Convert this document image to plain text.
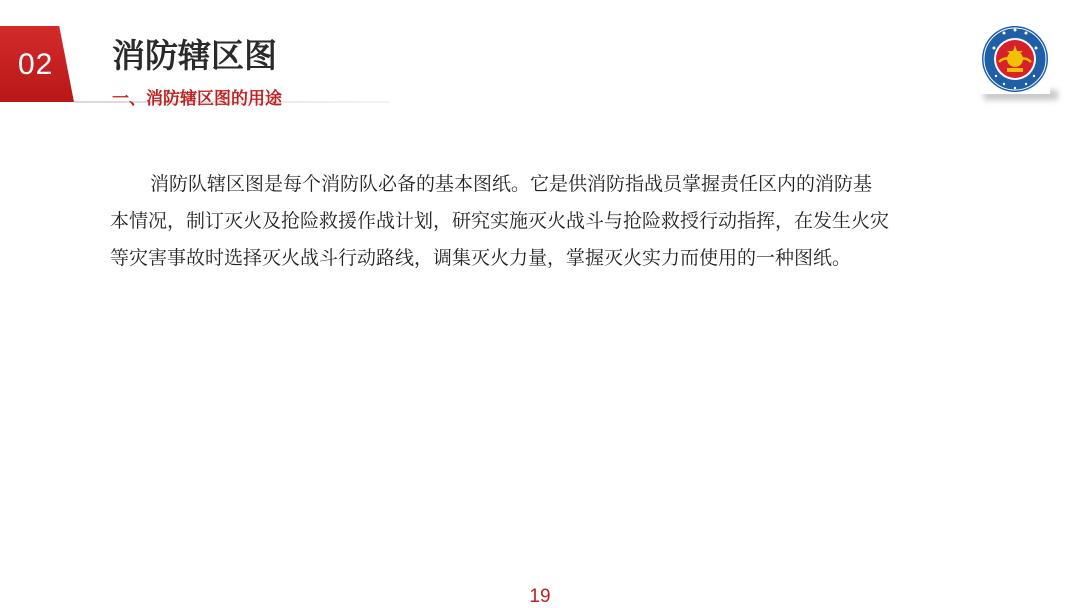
02 消防辖区图
一、消防辖区图的用途

消防队辖区图是每个消防队必备的基本图纸。它是供消防指战员掌握责任区内的消防基本情况，制订灭火及抢险救援作战计划，研究实施灭火战斗与抢险救授行动指挥，在发生火灾等灾害事故时选择灭火战斗行动路线，调集灭火力量，掌握灭火实力而使用的一种图纸。

19
